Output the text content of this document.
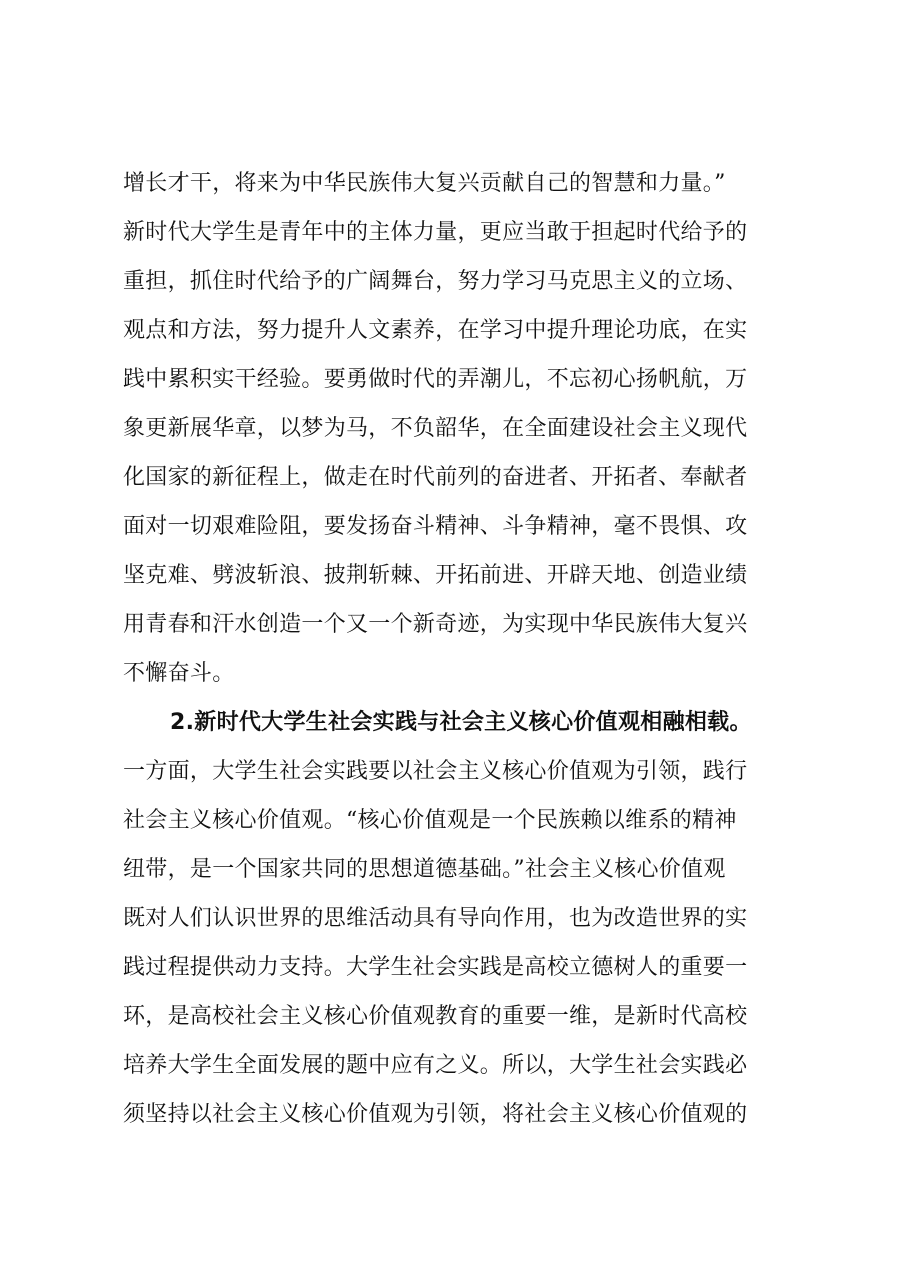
增长才干，将来为中华民族伟大复兴贡献自己的智慧和力量。”
新时代大学生是青年中的主体力量，更应当敢于担起时代给予的
重担，抓住时代给予的广阔舞台，努力学习马克思主义的立场、
观点和方法，努力提升人文素养，在学习中提升理论功底，在实
践中累积实干经验。要勇做时代的弄潮儿，不忘初心扬帆航，万
象更新展华章，以梦为马，不负韶华，在全面建设社会主义现代
化国家的新征程上，做走在时代前列的奋进者、开拓者、奉献者
面对一切艰难险阻，要发扬奋斗精神、斗争精神，毫不畏惧、攻
坚克难、劈波斩浪、披荆斩棘、开拓前进、开辟天地、创造业绩
用青春和汗水创造一个又一个新奇迹，为实现中华民族伟大复兴
不懈奋斗。
2.新时代大学生社会实践与社会主义核心价值观相融相载。
一方面，大学生社会实践要以社会主义核心价值观为引领，践行
社会主义核心价值观。“核心价值观是一个民族赖以维系的精神
纽带，是一个国家共同的思想道德基础。”社会主义核心价值观
既对人们认识世界的思维活动具有导向作用，也为改造世界的实
践过程提供动力支持。大学生社会实践是高校立德树人的重要一
环，是高校社会主义核心价值观教育的重要一维，是新时代高校
培养大学生全面发展的题中应有之义。所以，大学生社会实践必
须坚持以社会主义核心价值观为引领，将社会主义核心价值观的
